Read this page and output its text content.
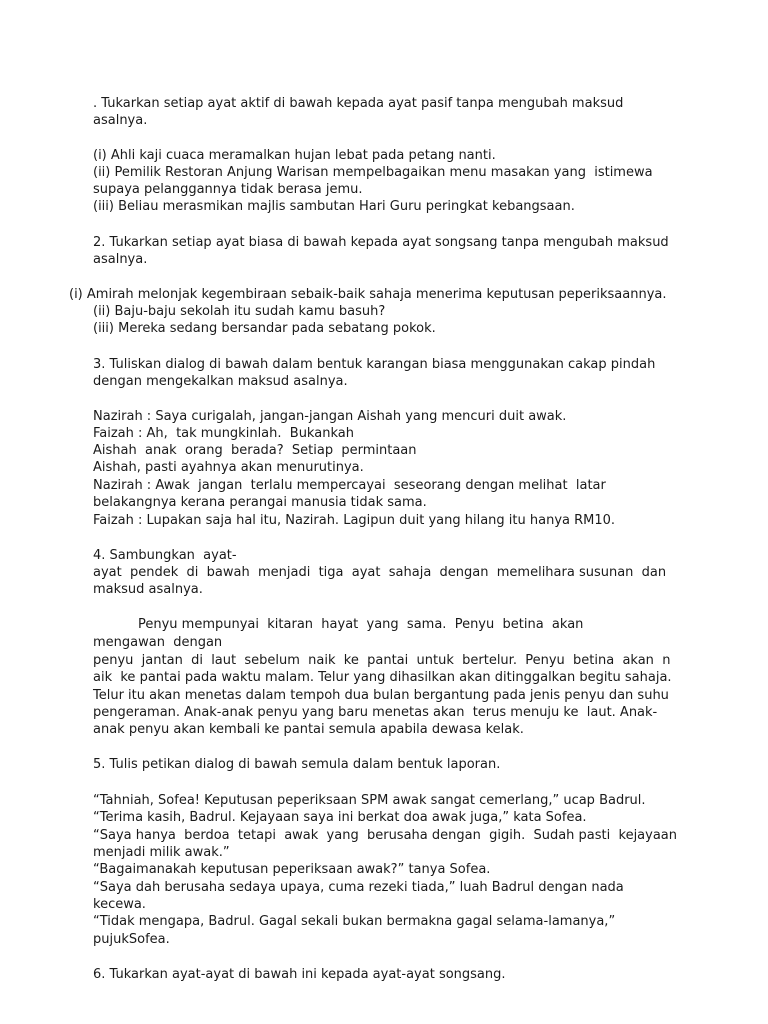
. Tukarkan setiap ayat aktif di bawah kepada ayat pasif tanpa mengubah maksud

asalnya.

(i) Ahli kaji cuaca meramalkan hujan lebat pada petang nanti.

(ii) Pemilik Restoran Anjung Warisan mempelbagaikan menu masakan yang  istimewa

supaya pelanggannya tidak berasa jemu.

(iii) Beliau merasmikan majlis sambutan Hari Guru peringkat kebangsaan.

2. Tukarkan setiap ayat biasa di bawah kepada ayat songsang tanpa mengubah maksud

asalnya.

(i) Amirah melonjak kegembiraan sebaik-baik sahaja menerima keputusan peperiksaannya.

(ii) Baju-baju sekolah itu sudah kamu basuh?

(iii) Mereka sedang bersandar pada sebatang pokok.

3. Tuliskan dialog di bawah dalam bentuk karangan biasa menggunakan cakap pindah

dengan mengekalkan maksud asalnya.

Nazirah : Saya curigalah, jangan-jangan Aishah yang mencuri duit awak.

Faizah : Ah,  tak mungkinlah.  Bukankah

Aishah  anak  orang  berada?  Setiap  permintaan

Aishah, pasti ayahnya akan menurutinya.

Nazirah : Awak  jangan  terlalu mempercayai  seseorang dengan melihat  latar

belakangnya kerana perangai manusia tidak sama.

Faizah : Lupakan saja hal itu, Nazirah. Lagipun duit yang hilang itu hanya RM10.

4. Sambungkan  ayat-

ayat  pendek  di  bawah  menjadi  tiga  ayat  sahaja  dengan  memelihara susunan  dan

maksud asalnya.

Penyu mempunyai  kitaran  hayat  yang  sama.  Penyu  betina  akan

mengawan  dengan

penyu  jantan  di  laut  sebelum  naik  ke  pantai  untuk  bertelur.  Penyu  betina  akan  n

aik  ke pantai pada waktu malam. Telur yang dihasilkan akan ditinggalkan begitu sahaja.

Telur itu akan menetas dalam tempoh dua bulan bergantung pada jenis penyu dan suhu

pengeraman. Anak-anak penyu yang baru menetas akan  terus menuju ke  laut. Anak-

anak penyu akan kembali ke pantai semula apabila dewasa kelak.

5. Tulis petikan dialog di bawah semula dalam bentuk laporan.

“Tahniah, Sofea! Keputusan peperiksaan SPM awak sangat cemerlang,” ucap Badrul.

“Terima kasih, Badrul. Kejayaan saya ini berkat doa awak juga,” kata Sofea.

“Saya hanya  berdoa  tetapi  awak  yang  berusaha dengan  gigih.  Sudah pasti  kejayaan

menjadi milik awak.”

“Bagaimanakah keputusan peperiksaan awak?” tanya Sofea.

“Saya dah berusaha sedaya upaya, cuma rezeki tiada,” luah Badrul dengan nada

kecewa.

“Tidak mengapa, Badrul. Gagal sekali bukan bermakna gagal selama-lamanya,”

pujukSofea.

6. Tukarkan ayat-ayat di bawah ini kepada ayat-ayat songsang.
